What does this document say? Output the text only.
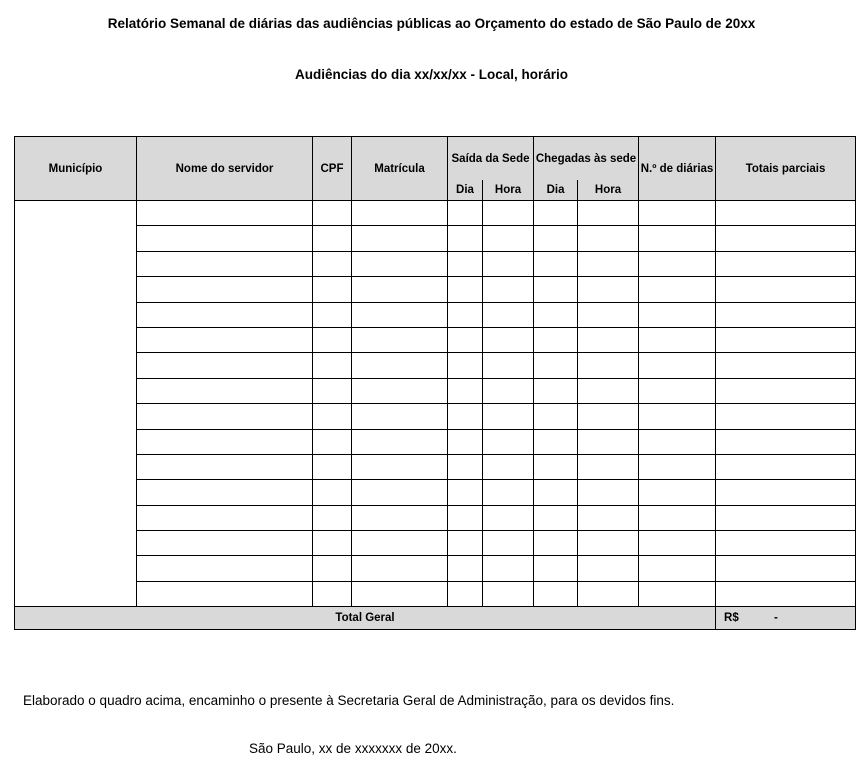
Relatório Semanal de diárias das audiências públicas ao Orçamento do estado de São Paulo de 20xx
Audiências do dia xx/xx/xx - Local, horário
Município	Nome do servidor	CPF	Matrícula	Saída da Sede		Chegadas às sede		N.º de diárias	Totais parciais
				Dia	Hora	Dia	Hora		

Total Geral									R$ -
Elaborado o quadro acima, encaminho o presente à Secretaria Geral de Administração, para os devidos fins.
São Paulo, xx de xxxxxxx de 20xx.
